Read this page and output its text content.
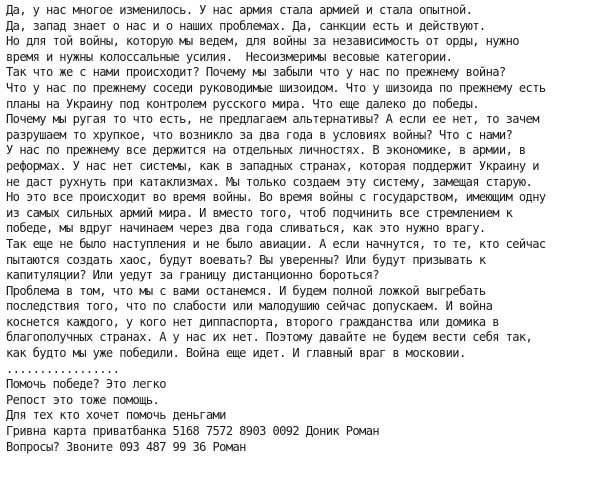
Да, у нас многое изменилось. У нас армия стала армией и стала опытной.
Да, запад знает о нас и о наших проблемах. Да, санкции есть и действуют.
Но для той войны, которую мы ведем, для войны за независимость от орды, нужно
время и нужны колоссальные усилия.  Несоизмеримы весовые категории.
Так что же с нами происходит? Почему мы забыли что у нас по прежнему война?
Что у нас по прежнему соседи руководимые шизоидом. Что у шизоида по прежнему есть
планы на Украину под контролем русского мира. Что еще далеко до победы.
Почему мы ругая то что есть, не предлагаем альтернативы? А если ее нет, то зачем
разрушаем то хрупкое, что возникло за два года в условиях войны? Что с нами?
У нас по прежнему все держится на отдельных личностях. В экономике, в армии, в
реформах. У нас нет системы, как в западных странах, которая поддержит Украину и
не даст рухнуть при катаклизмах. Мы только создаем эту систему, замещая старую.
Но это все происходит во время войны. Во время войны с государством, имеющим одну
из самых сильных армий мира. И вместо того, чтоб подчинить все стремлением к
победе, мы вдруг начинаем через два года сливаться, как это нужно врагу.
Так еще не было наступления и не было авиации. А если начнутся, то те, кто сейчас
пытаются создать хаос, будут воевать? Вы уверенны? Или будут призывать к
капитуляции? Или уедут за границу дистанционно бороться?
Проблема в том, что мы с вами останемся. И будем полной ложкой выгребать
последствия того, что по слабости или малодушию сейчас допускаем. И война
коснется каждого, у кого нет диппаспорта, второго гражданства или домика в
благополучных странах. А у нас их нет. Поэтому давайте не будем вести себя так,
как будто мы уже победили. Война еще идет. И главный враг в московии.
.................
Помочь победе? Это легко
Репост это тоже помощь.
Для тех кто хочет помочь деньгами
Гривна карта приватбанка 5168 7572 8903 0092 Доник Роман
Вопросы? Звоните 093 487 99 36 Роман
